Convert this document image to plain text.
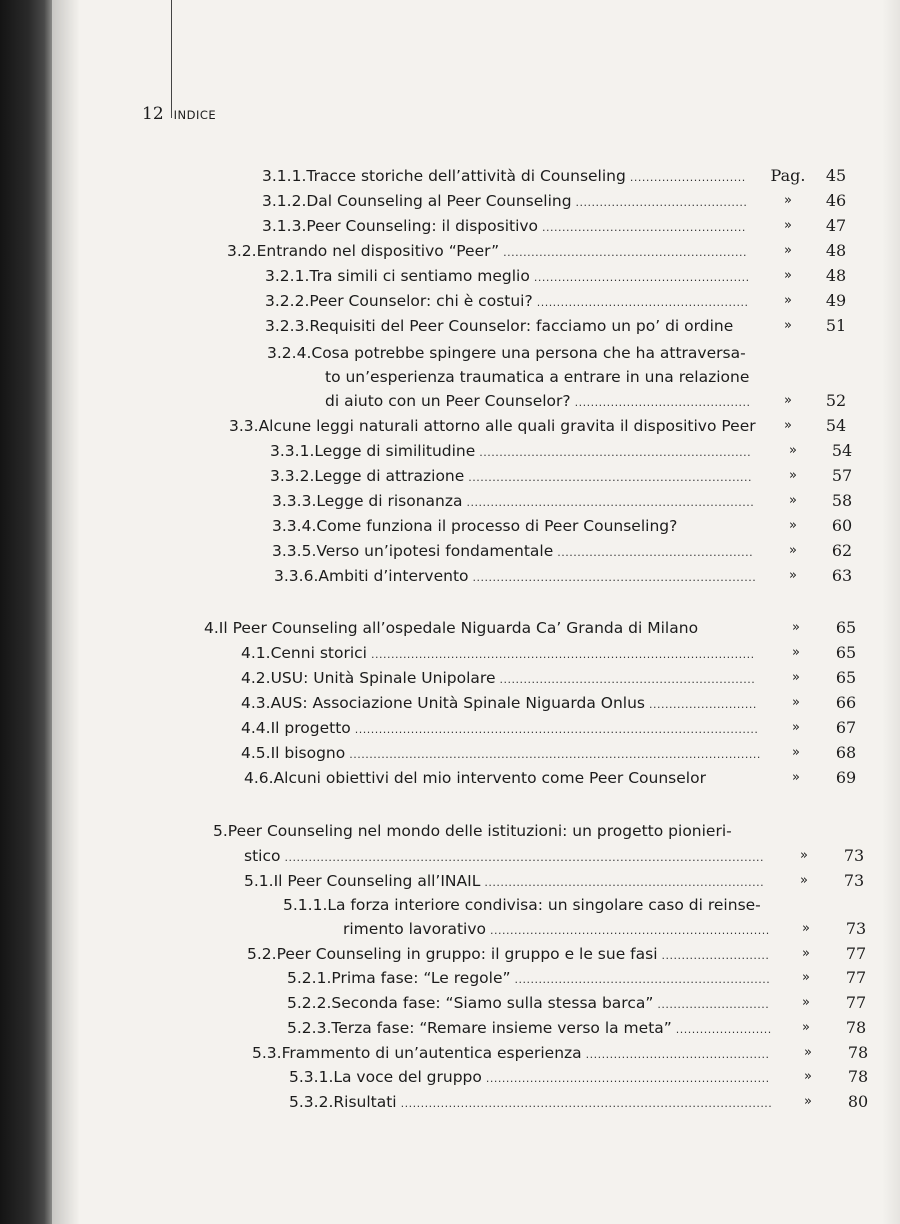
12 INDICE
3.1.1.Tracce storiche dell’attività di Counseling ............................. Pag.	45
3.1.2.Dal Counseling al Peer Counseling ...........................................	»	46
3.1.3.Peer Counseling: il dispositivo ...................................................	»	47
3.2.Entrando nel dispositivo “Peer” .............................................................	»	48
3.2.1.Tra simili ci sentiamo meglio ......................................................	»	48
3.2.2.Peer Counselor: chi è costui? .....................................................	»	49
3.2.3.Requisiti del Peer Counselor: facciamo un po’ di ordine	»	51
3.2.4.Cosa potrebbe spingere una persona che ha attraversa-
to un’esperienza traumatica a entrare in una relazione
di aiuto con un Peer Counselor? ............................................	»	52
3.3.Alcune leggi naturali attorno alle quali gravita il dispositivo Peer	»	54
3.3.1.Legge di similitudine ....................................................................	»	54
3.3.2.Legge di attrazione .......................................................................	»	57
3.3.3.Legge di risonanza ........................................................................	»	58
3.3.4.Come funziona il processo di Peer Counseling?	»	60
3.3.5.Verso un’ipotesi fondamentale .................................................	»	62
3.3.6.Ambiti d’intervento .......................................................................	»	63
4.Il Peer Counseling all’ospedale Niguarda Ca’ Granda di Milano	»	65
4.1.Cenni storici ................................................................................................	»	65
4.2.USU: Unità Spinale Unipolare ................................................................	»	65
4.3.AUS: Associazione Unità Spinale Niguarda Onlus ...........................	»	66
4.4.Il progetto .....................................................................................................	»	67
4.5.Il bisogno .......................................................................................................	»	68
4.6.Alcuni obiettivi del mio intervento come Peer Counselor	»	69
5.Peer Counseling nel mondo delle istituzioni: un progetto pionieri-
stico ........................................................................................................................	»	73
5.1.Il Peer Counseling all’INAIL ......................................................................	»	73
5.1.1.La forza interiore condivisa: un singolare caso di reinse-
rimento lavorativo ......................................................................	»	73
5.2.Peer Counseling in gruppo: il gruppo e le sue fasi ...........................	»	77
5.2.1.Prima fase: “Le regole” ................................................................	»	77
5.2.2.Seconda fase: “Siamo sulla stessa barca” ............................	»	77
5.2.3.Terza fase: “Remare insieme verso la meta” ........................	»	78
5.3.Frammento di un’autentica esperienza ..............................................	»	78
5.3.1.La voce del gruppo .......................................................................	»	78
5.3.2.Risultati .............................................................................................	»	80
